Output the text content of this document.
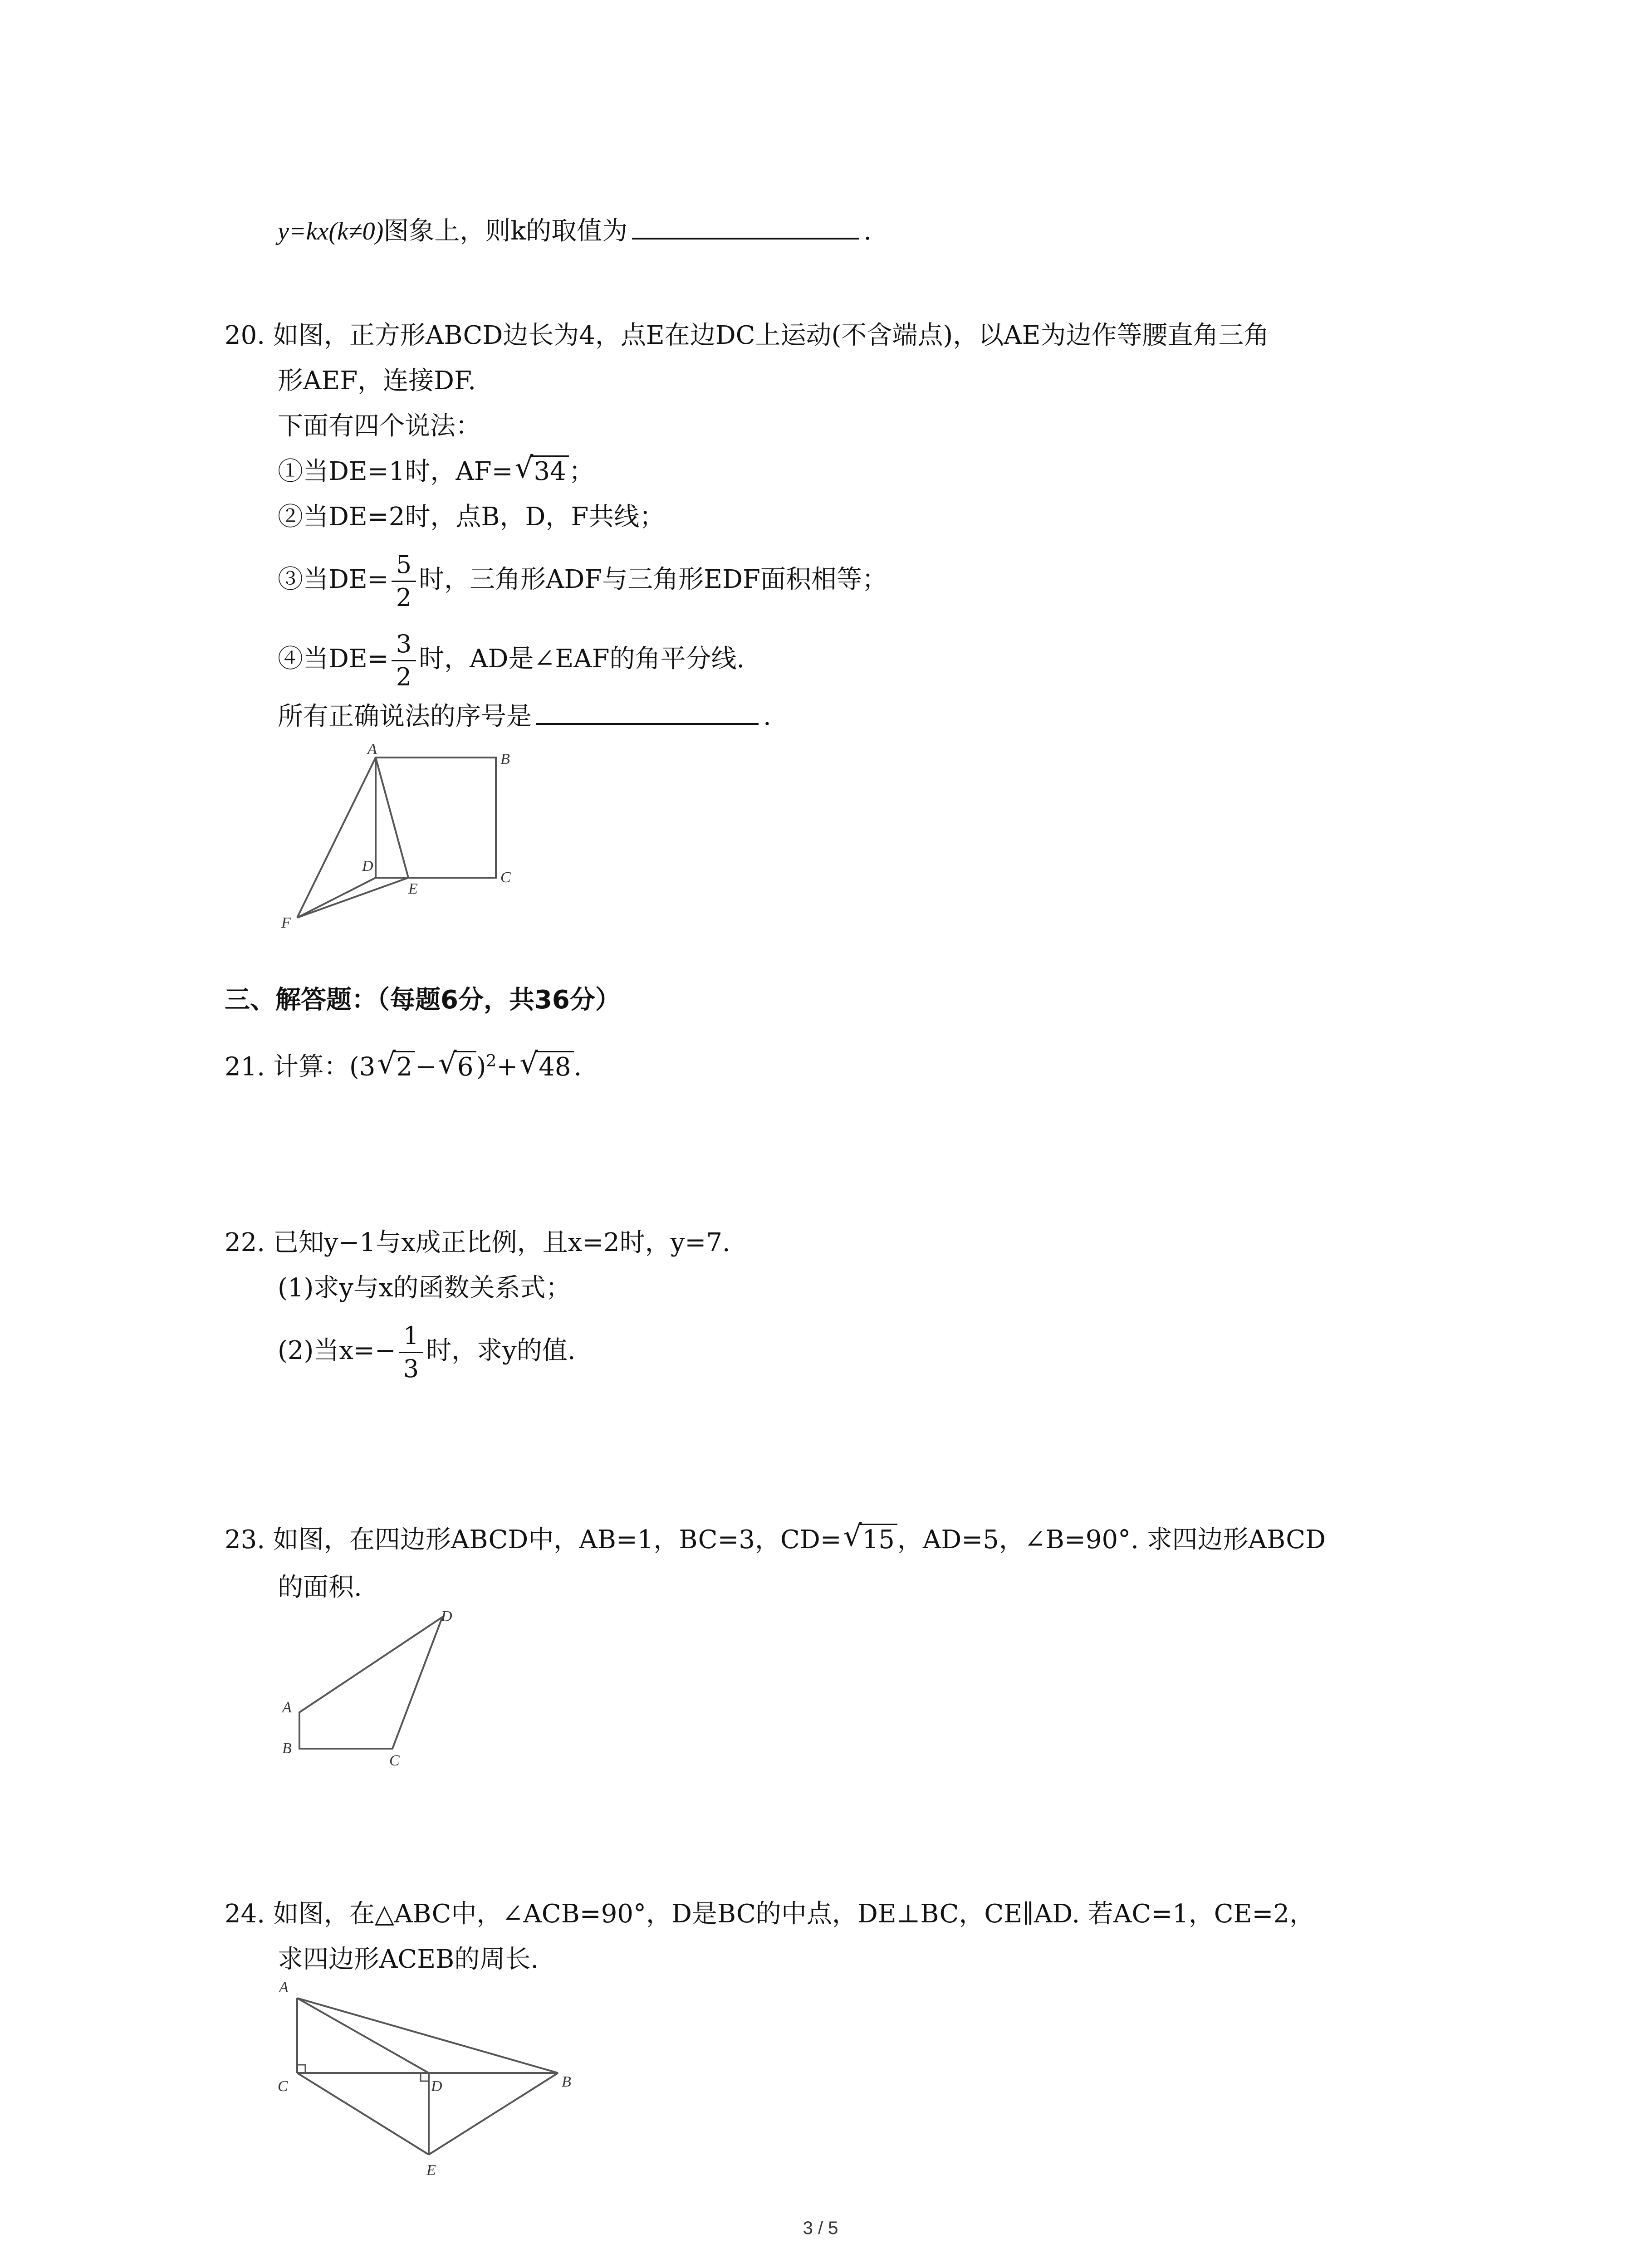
y=kx(k≠0)图象上，则k的取值为	.
20. 如图，正方形ABCD边长为4，点E在边DC上运动(不含端点)，以AE为边作等腰直角三角
形AEF，连接DF.
下面有四个说法：
①当DE=1时，AF= √ 34 ；
②当DE=2时，点B，D，F共线；
③当$DE= \frac{5}{2}$ 时，三角形ADF与三角形EDF面积相等；
④当$DE= \frac{3}{2}$ 时，AD是∠EAF的角平分线.
所有正确说法的序号是	.
A
B
C
D
E
F
三、解答题：（每题6分，共36分）
21. 计算：(3 √ 2 − √ 6 )$^2$+ √ 48 .
22. 已知y−1与x成正比例，且x=2时，y=7.
(1)求y与x的函数关系式；
(2)当$x=- \frac{1}{3}$ 时，求y的值.
23. 如图，在四边形ABCD中，AB=1，BC=3，CD= √ 15 ，AD=5，∠B=90°. 求四边形ABCD
的面积.
A
B
C
D
24. 如图，在△ABC中，∠ACB=90°，D是BC的中点，DE⊥BC，CE∥AD. 若AC=1，CE=2，
求四边形ACEB的周长.
A
C	D	B
E
3 / 5
